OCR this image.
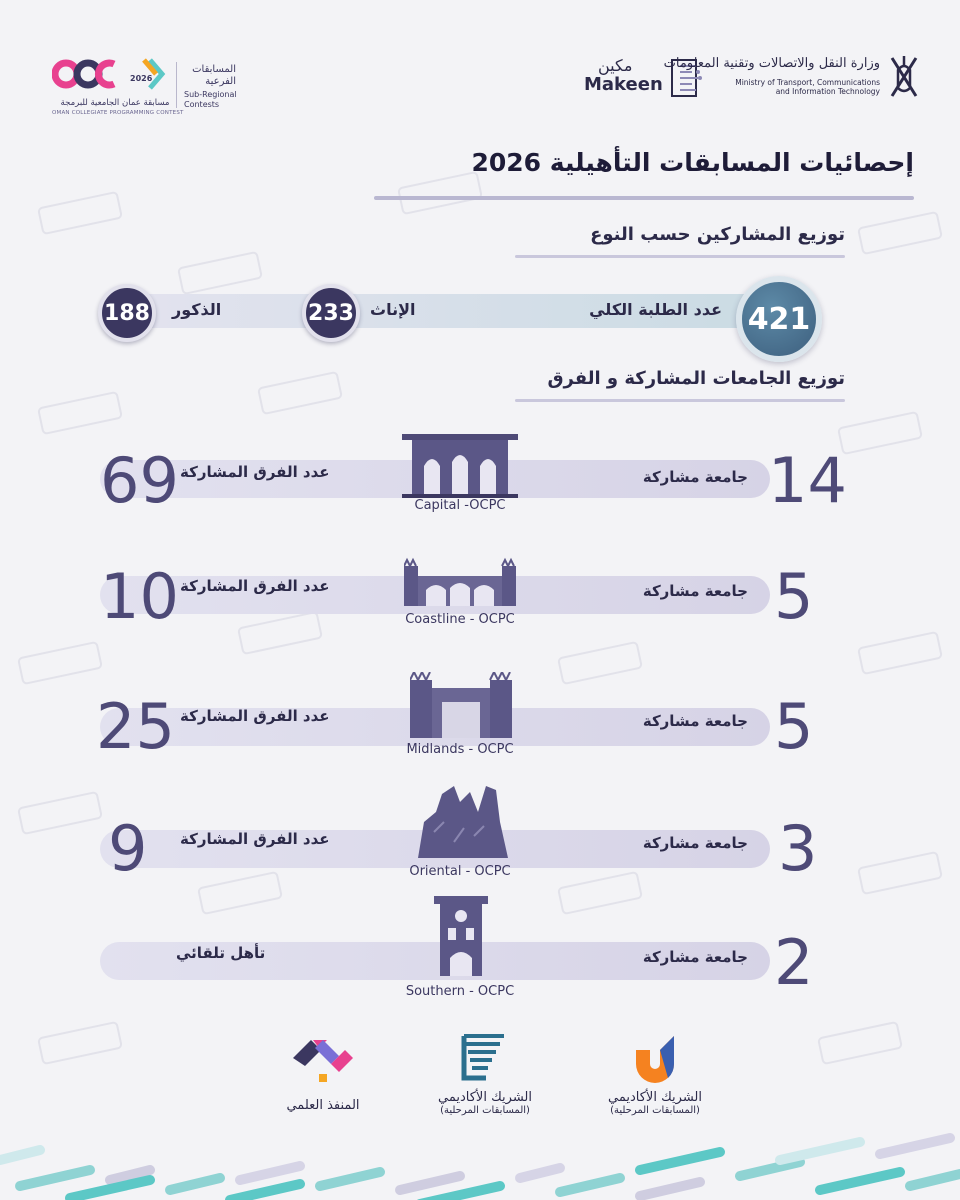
2026
مسابقة عمان الجامعية للبرمجة
OMAN COLLEGIATE PROGRAMMING CONTEST
المسابقات
الفرعية
Sub-Regional
Contests
مكين
Makeen
وزارة النقل والاتصالات وتقنية المعلومات
Ministry of Transport, Communications
and Information Technology
إحصائيات المسابقات التأهيلية 2026
توزيع المشاركين حسب النوع
421
عدد الطلبة الكلي
233	الإناث
188	الذكور
توزيع الجامعات المشاركة و الفرق
14
جامعة مشاركة
عدد الفرق المشاركة
69	Capital -OCPC
5
جامعة مشاركة
عدد الفرق المشاركة
10	Coastline - OCPC
5
جامعة مشاركة
عدد الفرق المشاركة
25	Midlands - OCPC
3
جامعة مشاركة
عدد الفرق المشاركة
9	Oriental - OCPC
2
جامعة مشاركة
تأهل تلقائي
Southern - OCPC
الشريك الأكاديمي
(المسابقات المرحلية)
الشريك الأكاديمي
(المسابقات المرحلية)
المنفذ العلمي
